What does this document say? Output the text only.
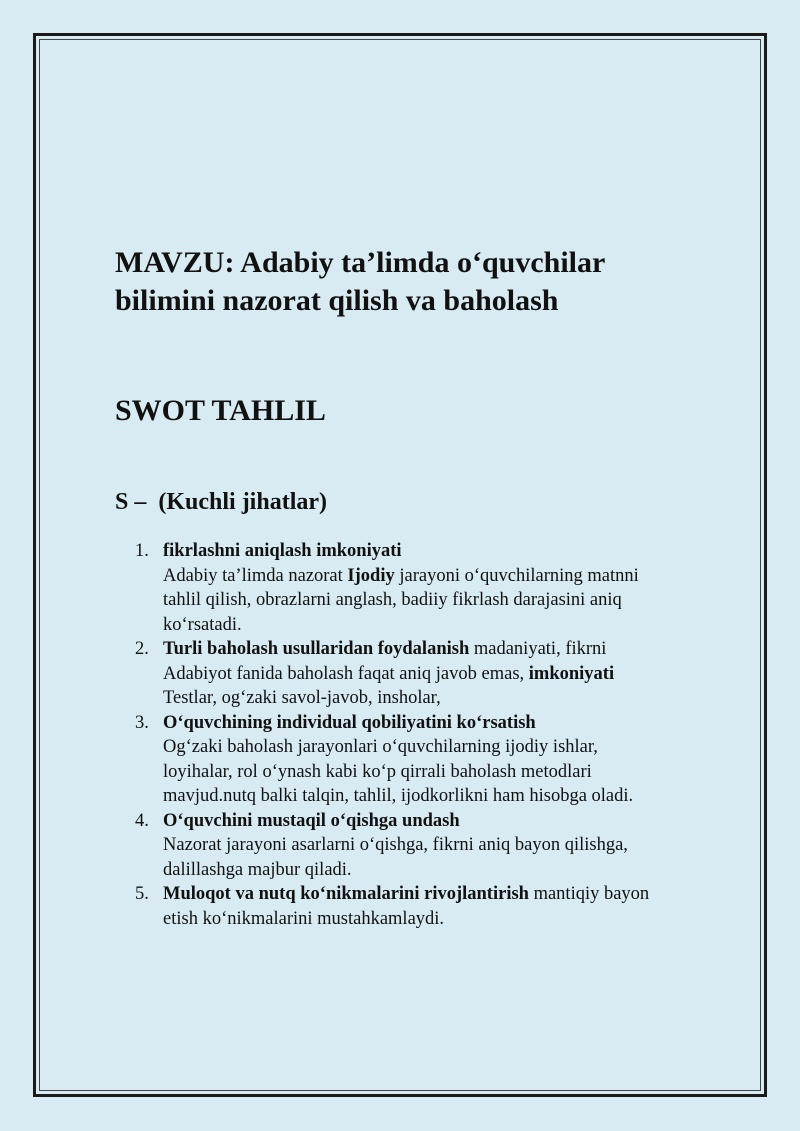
MAVZU: Adabiy ta’limda o‘quvchilar
bilimini nazorat qilish va baholash
SWOT TAHLIL
S –  (Kuchli jihatlar)
1. fikrlashni aniqlash imkoniyati
Adabiy ta’limda nazorat Ijodiy jarayoni o‘quvchilarning matnni
tahlil qilish, obrazlarni anglash, badiiy fikrlash darajasini aniq
ko‘rsatadi.
2. Turli baholash usullaridan foydalanish madaniyati, fikrni
Adabiyot fanida baholash faqat aniq javob emas, imkoniyati
Testlar, og‘zaki savol-javob, insholar,
3. O‘quvchining individual qobiliyatini ko‘rsatish
Og‘zaki baholash jarayonlari o‘quvchilarning ijodiy ishlar,
loyihalar, rol o‘ynash kabi ko‘p qirrali baholash metodlari
mavjud.nutq balki talqin, tahlil, ijodkorlikni ham hisobga oladi.
4. O‘quvchini mustaqil o‘qishga undash
Nazorat jarayoni asarlarni o‘qishga, fikrni aniq bayon qilishga,
dalillashga majbur qiladi.
5. Muloqot va nutq ko‘nikmalarini rivojlantirish mantiqiy bayon
etish ko‘nikmalarini mustahkamlaydi.
